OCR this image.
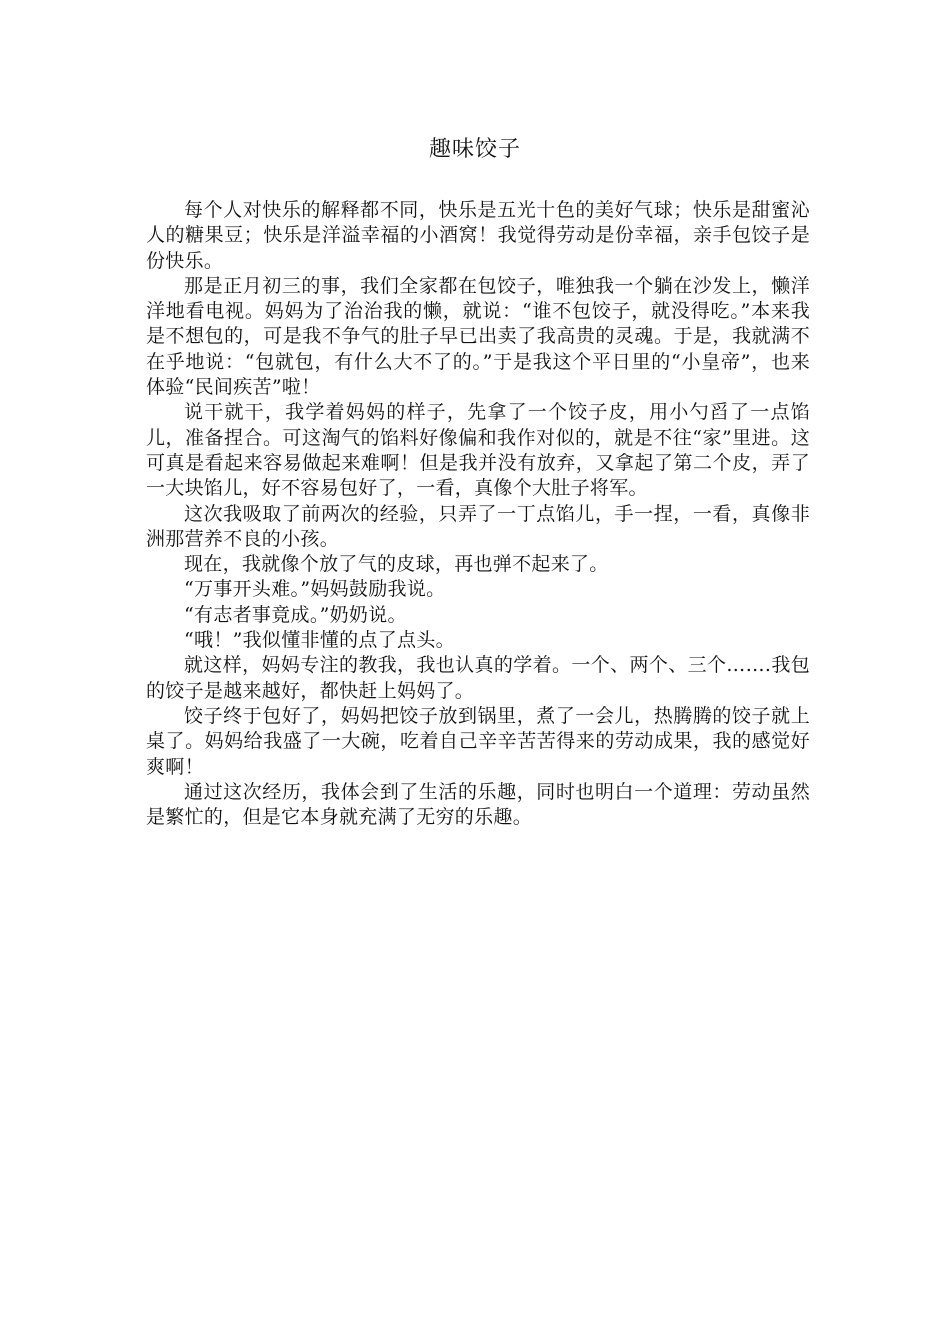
趣味饺子

每个人对快乐的解释都不同，快乐是五光十色的美好气球；快乐是甜蜜沁人的糖果豆；快乐是洋溢幸福的小酒窝！我觉得劳动是份幸福，亲手包饺子是份快乐。

那是正月初三的事，我们全家都在包饺子，唯独我一个躺在沙发上，懒洋洋地看电视。妈妈为了治治我的懒，就说：“谁不包饺子，就没得吃。”本来我是不想包的，可是我不争气的肚子早已出卖了我高贵的灵魂。于是，我就满不在乎地说：“包就包，有什么大不了的。”于是我这个平日里的“小皇帝”，也来体验“民间疾苦”啦！

说干就干，我学着妈妈的样子，先拿了一个饺子皮，用小勺舀了一点馅儿，准备捏合。可这淘气的馅料好像偏和我作对似的，就是不往“家”里进。这可真是看起来容易做起来难啊！但是我并没有放弃，又拿起了第二个皮，弄了一大块馅儿，好不容易包好了，一看，真像个大肚子将军。

这次我吸取了前两次的经验，只弄了一丁点馅儿，手一捏，一看，真像非洲那营养不良的小孩。

现在，我就像个放了气的皮球，再也弹不起来了。

“万事开头难。”妈妈鼓励我说。

“有志者事竟成。”奶奶说。

“哦！”我似懂非懂的点了点头。

就这样，妈妈专注的教我，我也认真的学着。一个、两个、三个…….我包的饺子是越来越好，都快赶上妈妈了。

饺子终于包好了，妈妈把饺子放到锅里，煮了一会儿，热腾腾的饺子就上桌了。妈妈给我盛了一大碗，吃着自己辛辛苦苦得来的劳动成果，我的感觉好爽啊！

通过这次经历，我体会到了生活的乐趣，同时也明白一个道理：劳动虽然是繁忙的，但是它本身就充满了无穷的乐趣。
